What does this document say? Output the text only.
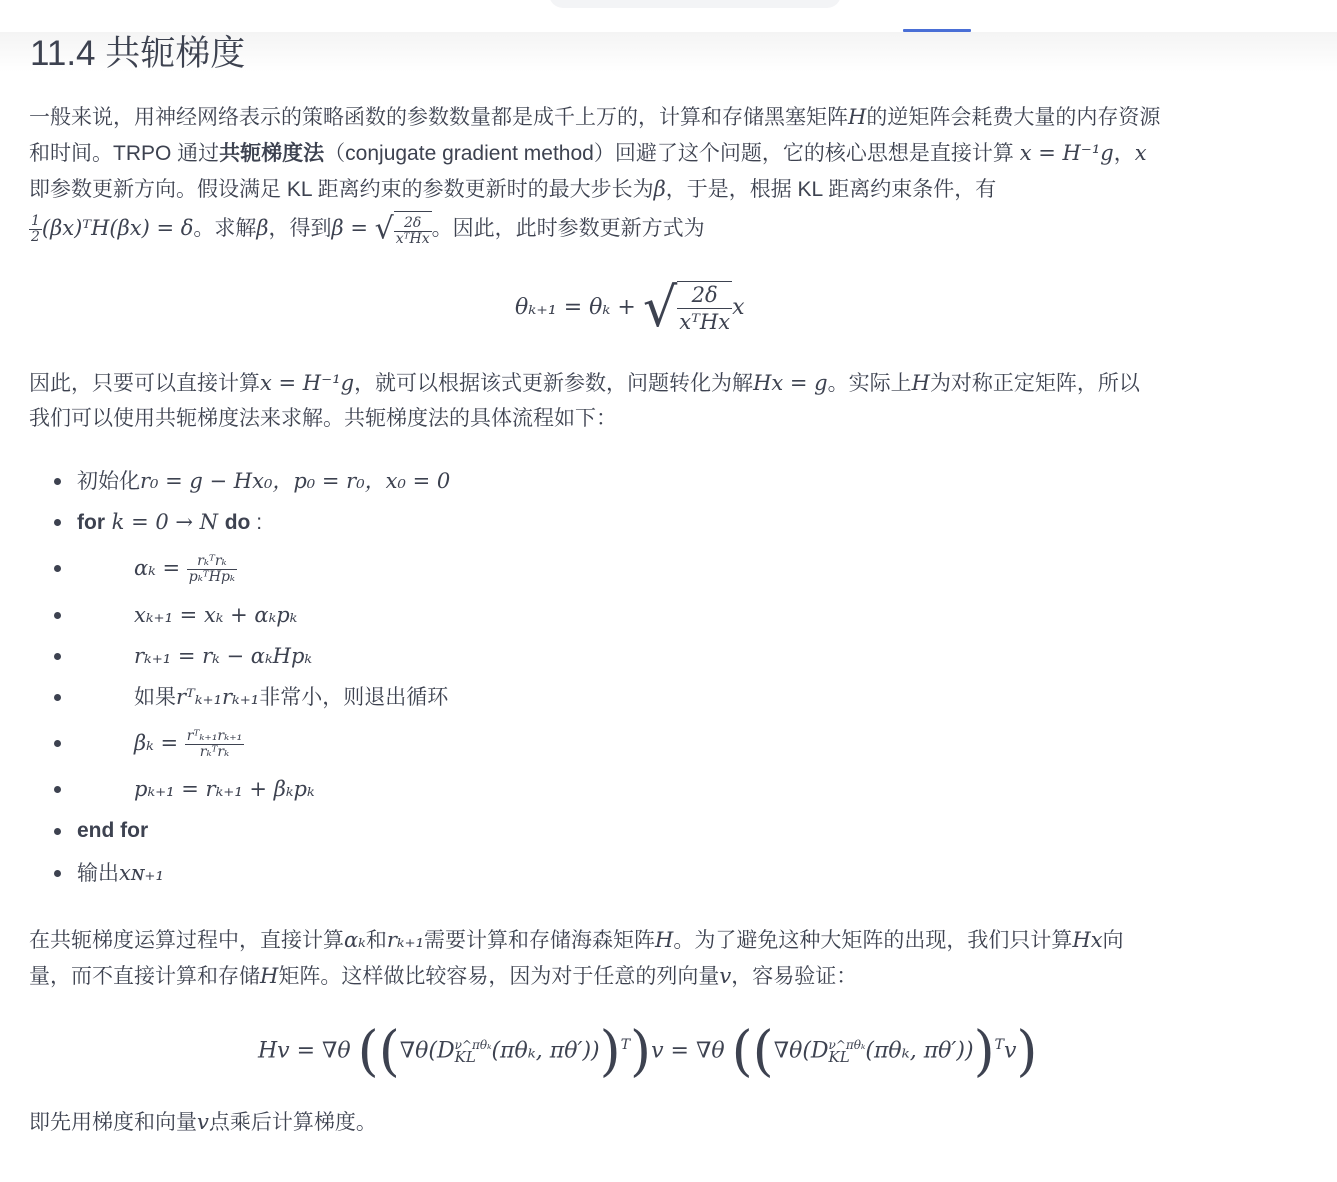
11.4 共轭梯度
一般来说，用神经网络表示的策略函数的参数数量都是成千上万的，计算和存储黑塞矩阵H的逆矩阵会耗费大量的内存资源
和时间。TRPO 通过共轭梯度法（conjugate gradient method）回避了这个问题，它的核心思想是直接计算 x = H⁻¹g，x
即参数更新方向。假设满足 KL 距离约束的参数更新时的最大步长为β，于是，根据 KL 距离约束条件，有
$\frac{1}{2}$ (βx)ᵀH(βx) = δ。求解β，得到β = √ $\frac{2\delta}{\text{xᵀHx}}$ 。因此，此时参数更新方式为
θₖ₊₁ = θₖ + √ $\frac{2\delta}{\text{xᵀHx}}$ x
因此，只要可以直接计算x = H⁻¹g，就可以根据该式更新参数，问题转化为解Hx = g。实际上H为对称正定矩阵，所以
我们可以使用共轭梯度法来求解。共轭梯度法的具体流程如下：
初始化r₀ = g − Hx₀，p₀ = r₀，x₀ = 0
for k = 0 → N do :
$\alpha_k = \frac{\text{rₖᵀrₖ}}{\text{pₖᵀHpₖ}}$
xₖ₊₁ = xₖ + αₖpₖ
rₖ₊₁ = rₖ − αₖHpₖ
如果rᵀₖ₊₁rₖ₊₁非常小，则退出循环
$\beta_k = \frac{\text{rᵀₖ₊₁rₖ₊₁}}{\text{rₖᵀrₖ}}$
pₖ₊₁ = rₖ₊₁ + βₖpₖ
end for
输出xɴ₊₁
在共轭梯度运算过程中，直接计算αₖ和rₖ₊₁需要计算和存储海森矩阵H。为了避免这种大矩阵的出现，我们只计算Hx向
量，而不直接计算和存储H矩阵。这样做比较容易，因为对于任意的列向量v，容易验证：
Hv = ∇θ ((∇θ(D ν^πθₖ
KL (πθₖ, πθ′)))$^T$)v = ∇θ ((∇θ(D ν^πθₖ
KL (πθₖ, πθ′)))$^T$v)
即先用梯度和向量v点乘后计算梯度。
